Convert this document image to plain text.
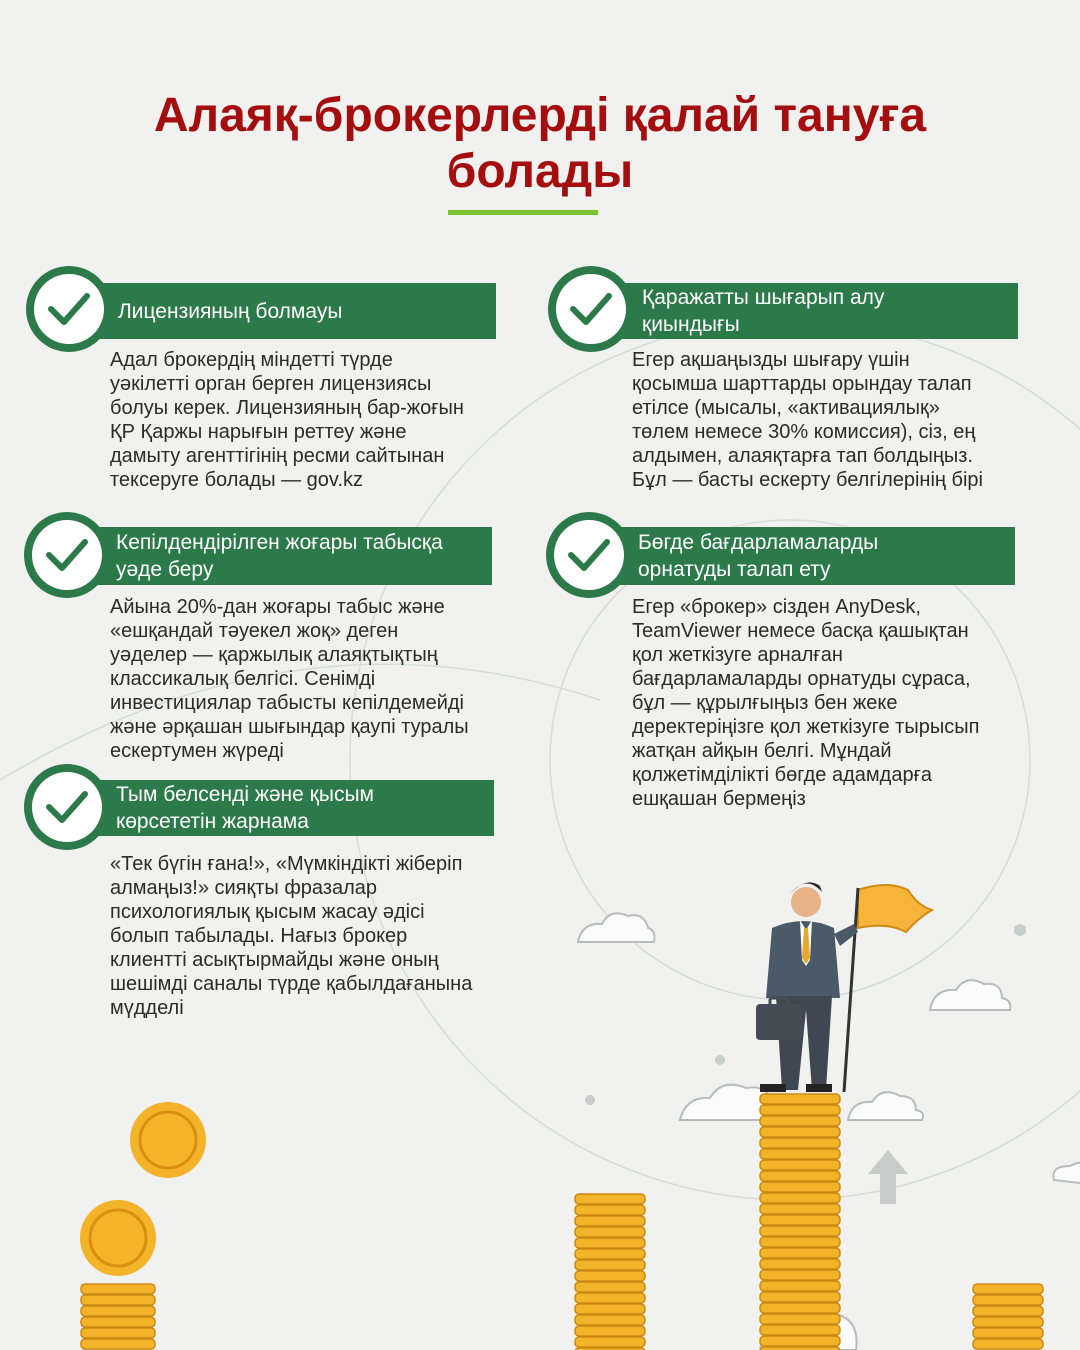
Алаяқ-брокерлерді қалай тануға
болады
Лицензияның болмауы

Адал брокердің міндетті түрде
уәкілетті орган берген лицензиясы
болуы керек. Лицензияның бар-жоғын
ҚР Қаржы нарығын реттеу және
дамыту агенттігінің ресми сайтынан
тексеруге болады — gov.kz

Қаражатты шығарып алу
қиындығы

Егер ақшаңызды шығару үшін
қосымша шарттарды орындау талап
етілсе (мысалы, «активациялық»
төлем немесе 30% комиссия), сіз, ең
алдымен, алаяқтарға тап болдыңыз.
Бұл — басты ескерту белгілерінің бірі

Кепілдендірілген жоғары табысқа
уәде беру

Айына 20%-дан жоғары табыс және
«ешқандай тәуекел жоқ» деген
уәделер — қаржылық алаяқтықтың
классикалық белгісі. Сенімді
инвестициялар табысты кепілдемейді
және әрқашан шығындар қаупі туралы
ескертумен жүреді

Бөгде бағдарламаларды
орнатуды талап ету

Егер «брокер» сізден AnyDesk,
TeamViewer немесе басқа қашықтан
қол жеткізуге арналған
бағдарламаларды орнатуды сұраса,
бұл — құрылғыңыз бен жеке
деректеріңізге қол жеткізуге тырысып
жатқан айқын белгі. Мұндай
қолжетімділікті бөгде адамдарға
ешқашан бермеңіз

Тым белсенді және қысым
көрсететін жарнама

«Тек бүгін ғана!», «Мүмкіндікті жіберіп
алмаңыз!» сияқты фразалар
психологиялық қысым жасау әдісі
болып табылады. Нағыз брокер
клиентті асықтырмайды және оның
шешімді саналы түрде қабылдағанына
мүдделі
